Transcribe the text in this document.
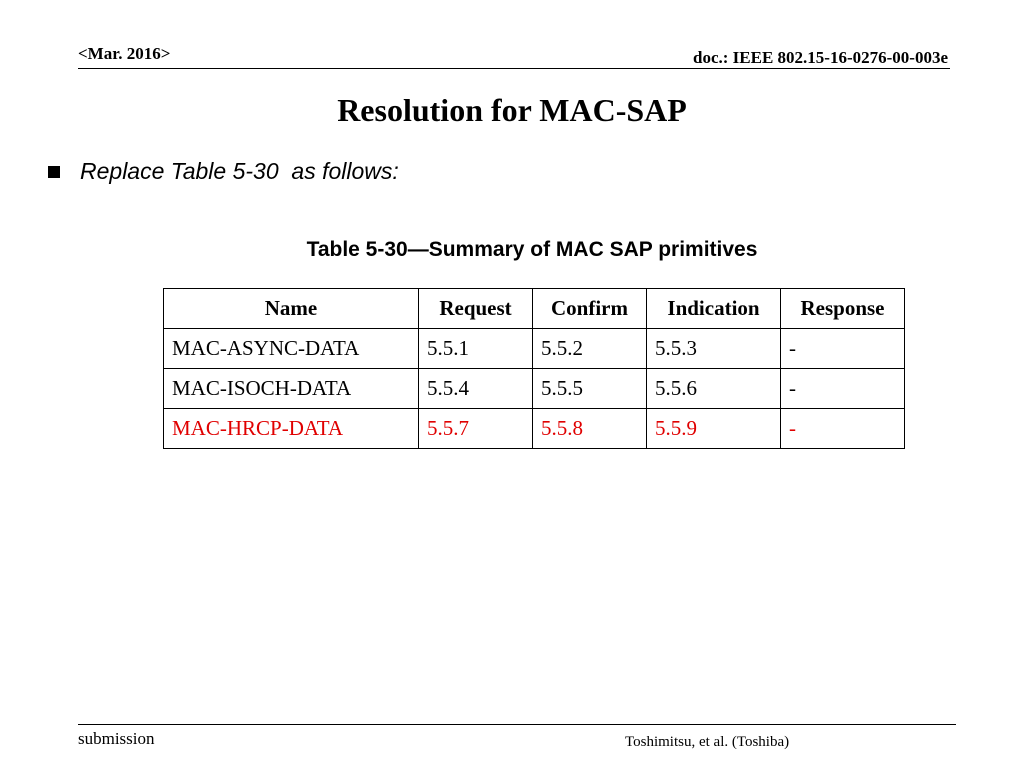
<Mar. 2016>	doc.: IEEE 802.15-16-0276-00-003e
Resolution for MAC-SAP
Replace Table 5-30  as follows:
Table 5-30—Summary of MAC SAP primitives
Name	Request	Confirm	Indication	Response
MAC-ASYNC-DATA	5.5.1	5.5.2	5.5.3	-
MAC-ISOCH-DATA	5.5.4	5.5.5	5.5.6	-
MAC-HRCP-DATA	5.5.7	5.5.8	5.5.9	-
submission	Toshimitsu, et al. (Toshiba)
